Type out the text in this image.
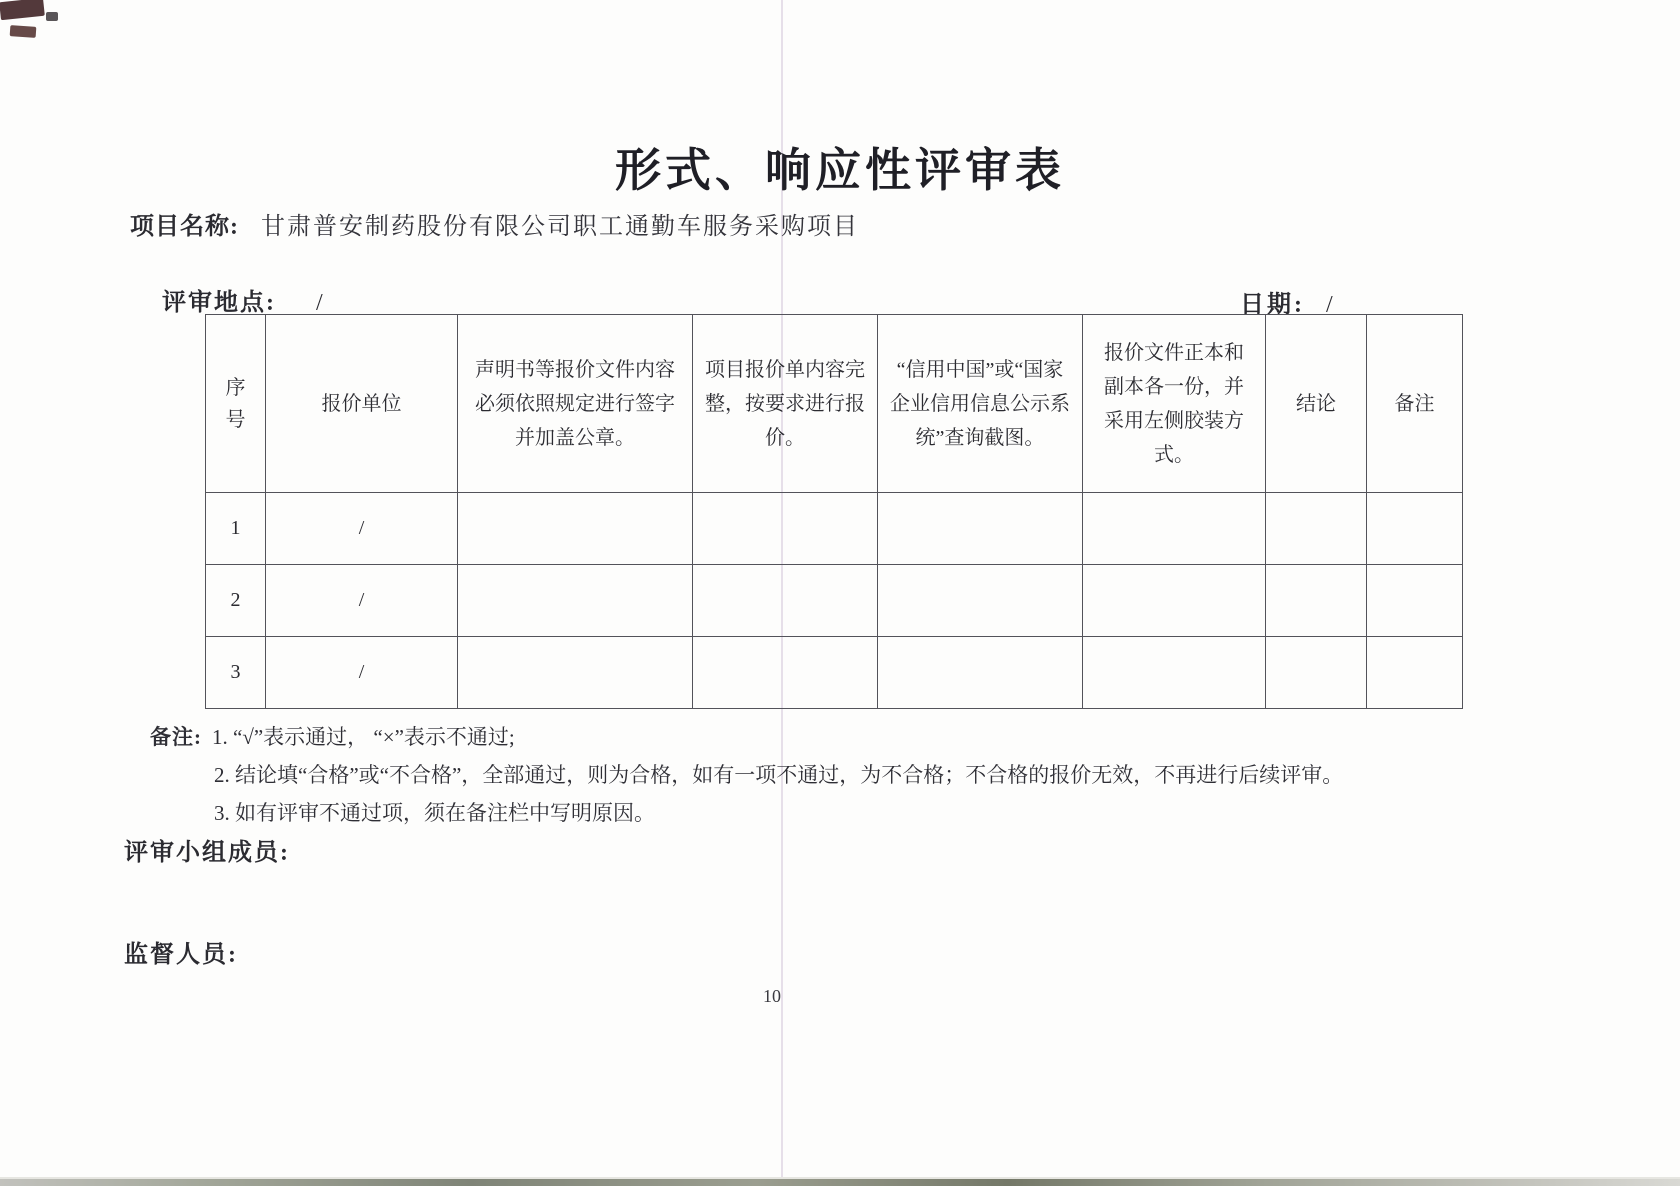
形式、响应性评审表
项目名称: 甘肃普安制药股份有限公司职工通勤车服务采购项目
评审地点: /	日期: /
序号	报价单位	声明书等报价文件内容必须依照规定进行签字并加盖公章。	项目报价单内容完整，按要求进行报价。	“信用中国”或“国家企业信用信息公示系统”查询截图。	报价文件正本和副本各一份，并采用左侧胶装方式。	结论	备注
1	/						
2	/						
3	/						
备注: 1. “√”表示通过， “×”表示不通过;
2. 结论填“合格”或“不合格”，全部通过，则为合格，如有一项不通过，为不合格；不合格的报价无效，不再进行后续评审。
3. 如有评审不通过项，须在备注栏中写明原因。
评审小组成员:
监督人员:
10
